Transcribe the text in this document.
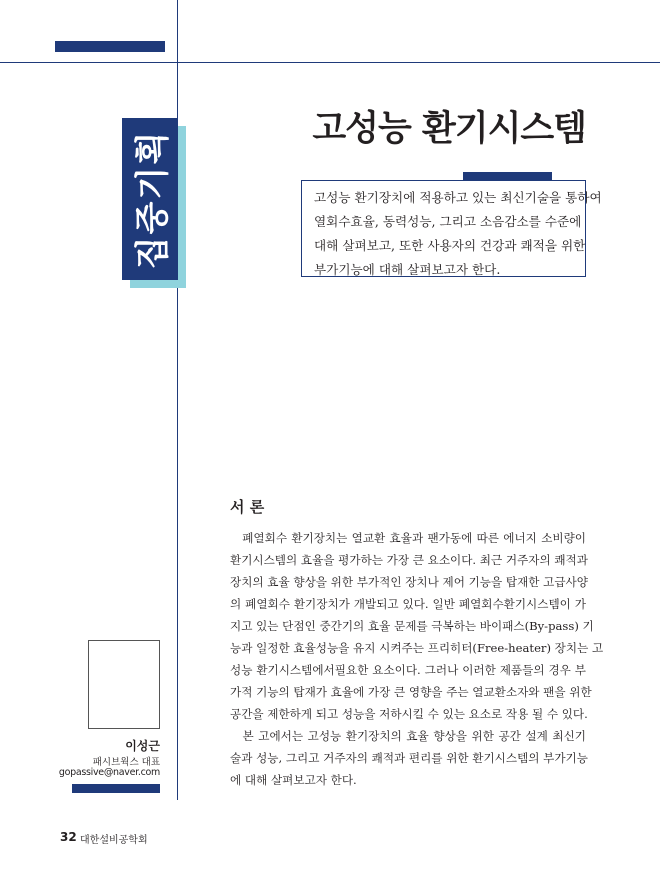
집중기획
고성능 환기시스템
고성능 환기장치에 적용하고 있는 최신기술을 통하여
열회수효율, 동력성능, 그리고 소음감소를 수준에
대해 살펴보고, 또한 사용자의 건강과 쾌적을 위한
부가기능에 대해 살펴보고자 한다.
서 론
　폐열회수 환기장치는 열교환 효율과 팬가동에 따른 에너지 소비량이
환기시스템의 효율을 평가하는 가장 큰 요소이다. 최근 거주자의 쾌적과
장치의 효율 향상을 위한 부가적인 장치나 제어 기능을 탑재한 고급사양
의 폐열회수 환기장치가 개발되고 있다. 일반 폐열회수환기시스템이 가
지고 있는 단점인 중간기의 효율 문제를 극복하는 바이패스(By-pass) 기
능과 일정한 효율성능을 유지 시켜주는 프리히터(Free-heater) 장치는 고
성능 환기시스템에서필요한 요소이다. 그러나 이러한 제품들의 경우 부
가적 기능의 탑재가 효율에 가장 큰 영향을 주는 열교환소자와 팬을 위한
공간을 제한하게 되고 성능을 저하시킬 수 있는 요소로 작용 될 수 있다.
　본 고에서는 고성능 환기장치의 효율 향상을 위한 공간 설계 최신기
술과 성능, 그리고 거주자의 쾌적과 편리를 위한 환기시스템의 부가기능
에 대해 살펴보고자 한다.
이성근
패시브웍스 대표
gopassive@naver.com
32 대한설비공학회
